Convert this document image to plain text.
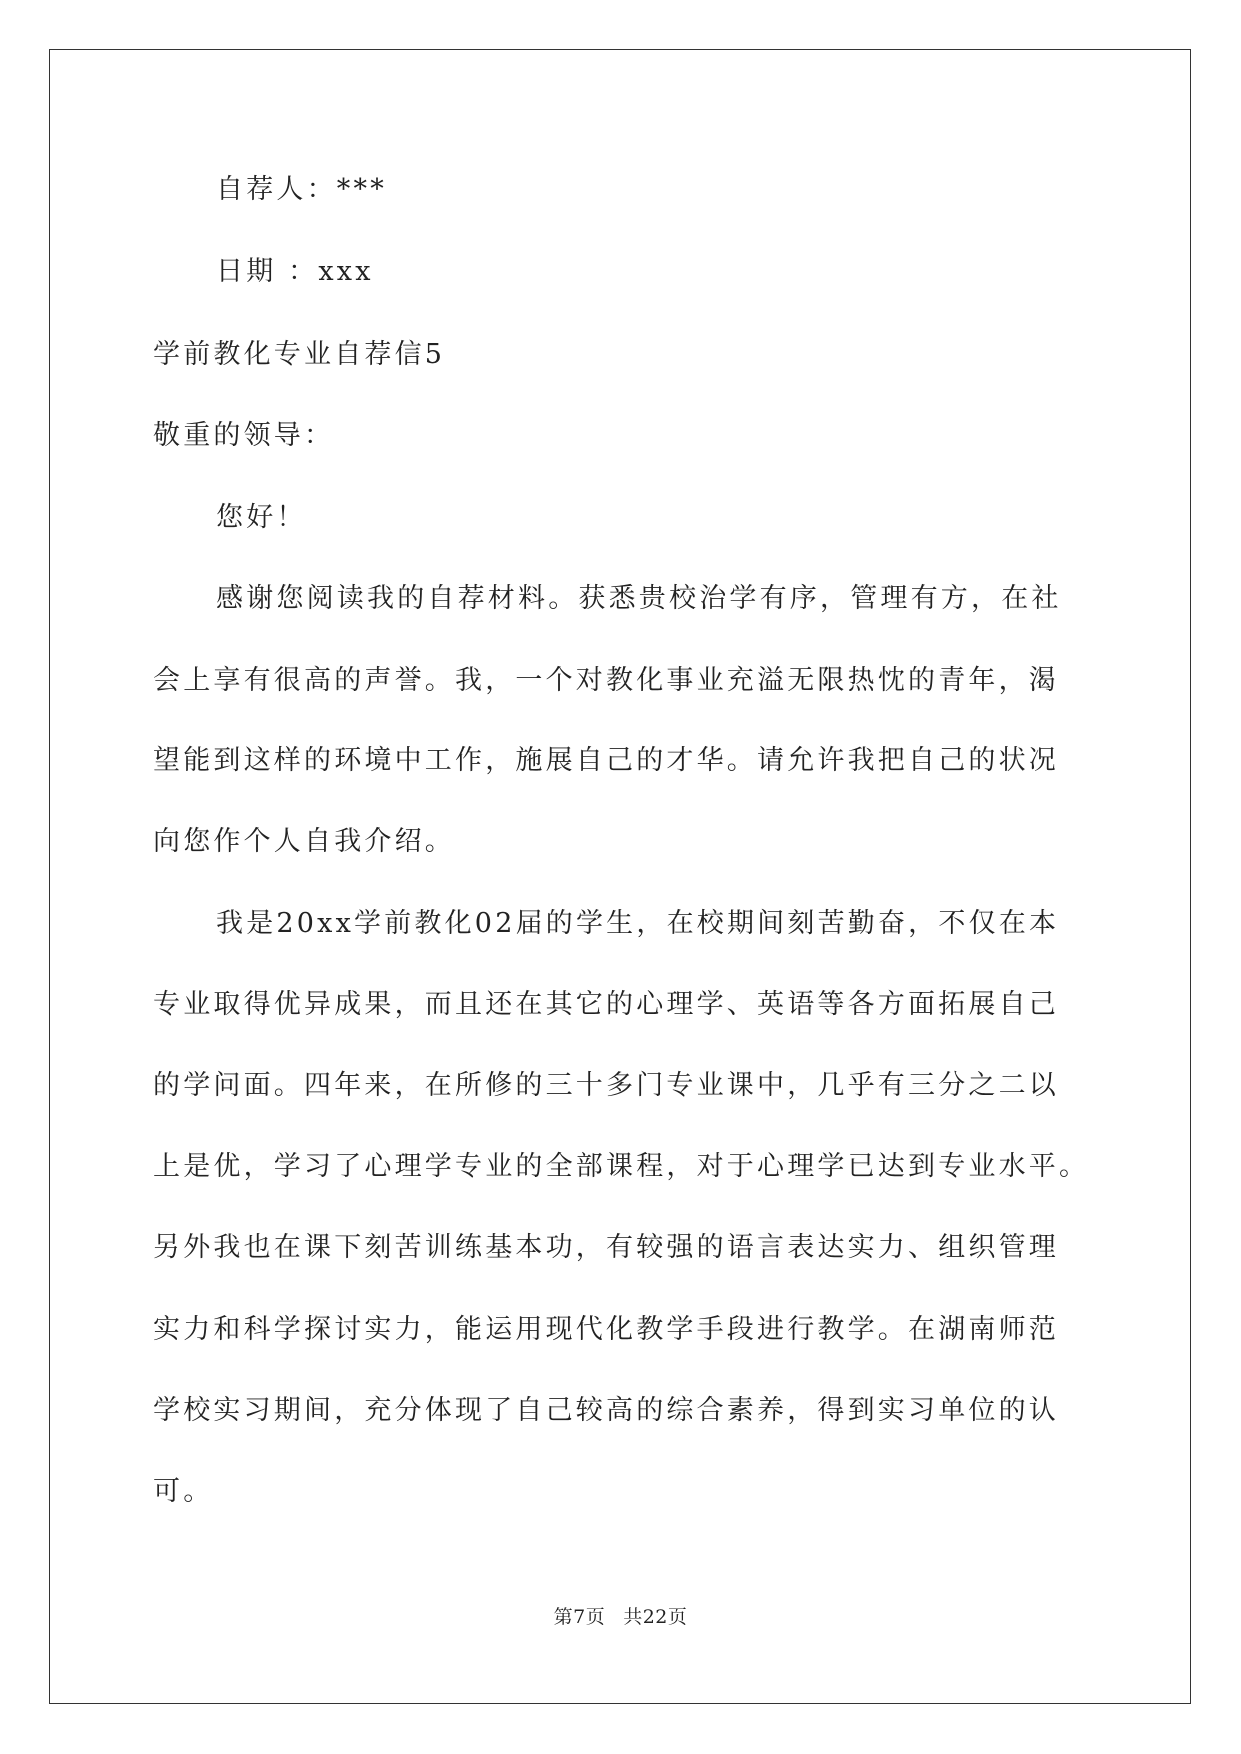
自荐人：***
日期 ：xxx
学前教化专业自荐信5
敬重的领导：
您好！
感谢您阅读我的自荐材料。获悉贵校治学有序，管理有方，在社
会上享有很高的声誉。我，一个对教化事业充溢无限热忱的青年，渴
望能到这样的环境中工作，施展自己的才华。请允许我把自己的状况
向您作个人自我介绍。
我是20xx学前教化02届的学生，在校期间刻苦勤奋，不仅在本
专业取得优异成果，而且还在其它的心理学、英语等各方面拓展自己
的学问面。四年来，在所修的三十多门专业课中，几乎有三分之二以
上是优，学习了心理学专业的全部课程，对于心理学已达到专业水平。
另外我也在课下刻苦训练基本功，有较强的语言表达实力、组织管理
实力和科学探讨实力，能运用现代化教学手段进行教学。在湖南师范
学校实习期间，充分体现了自己较高的综合素养，得到实习单位的认
可。
第7页 共22页
